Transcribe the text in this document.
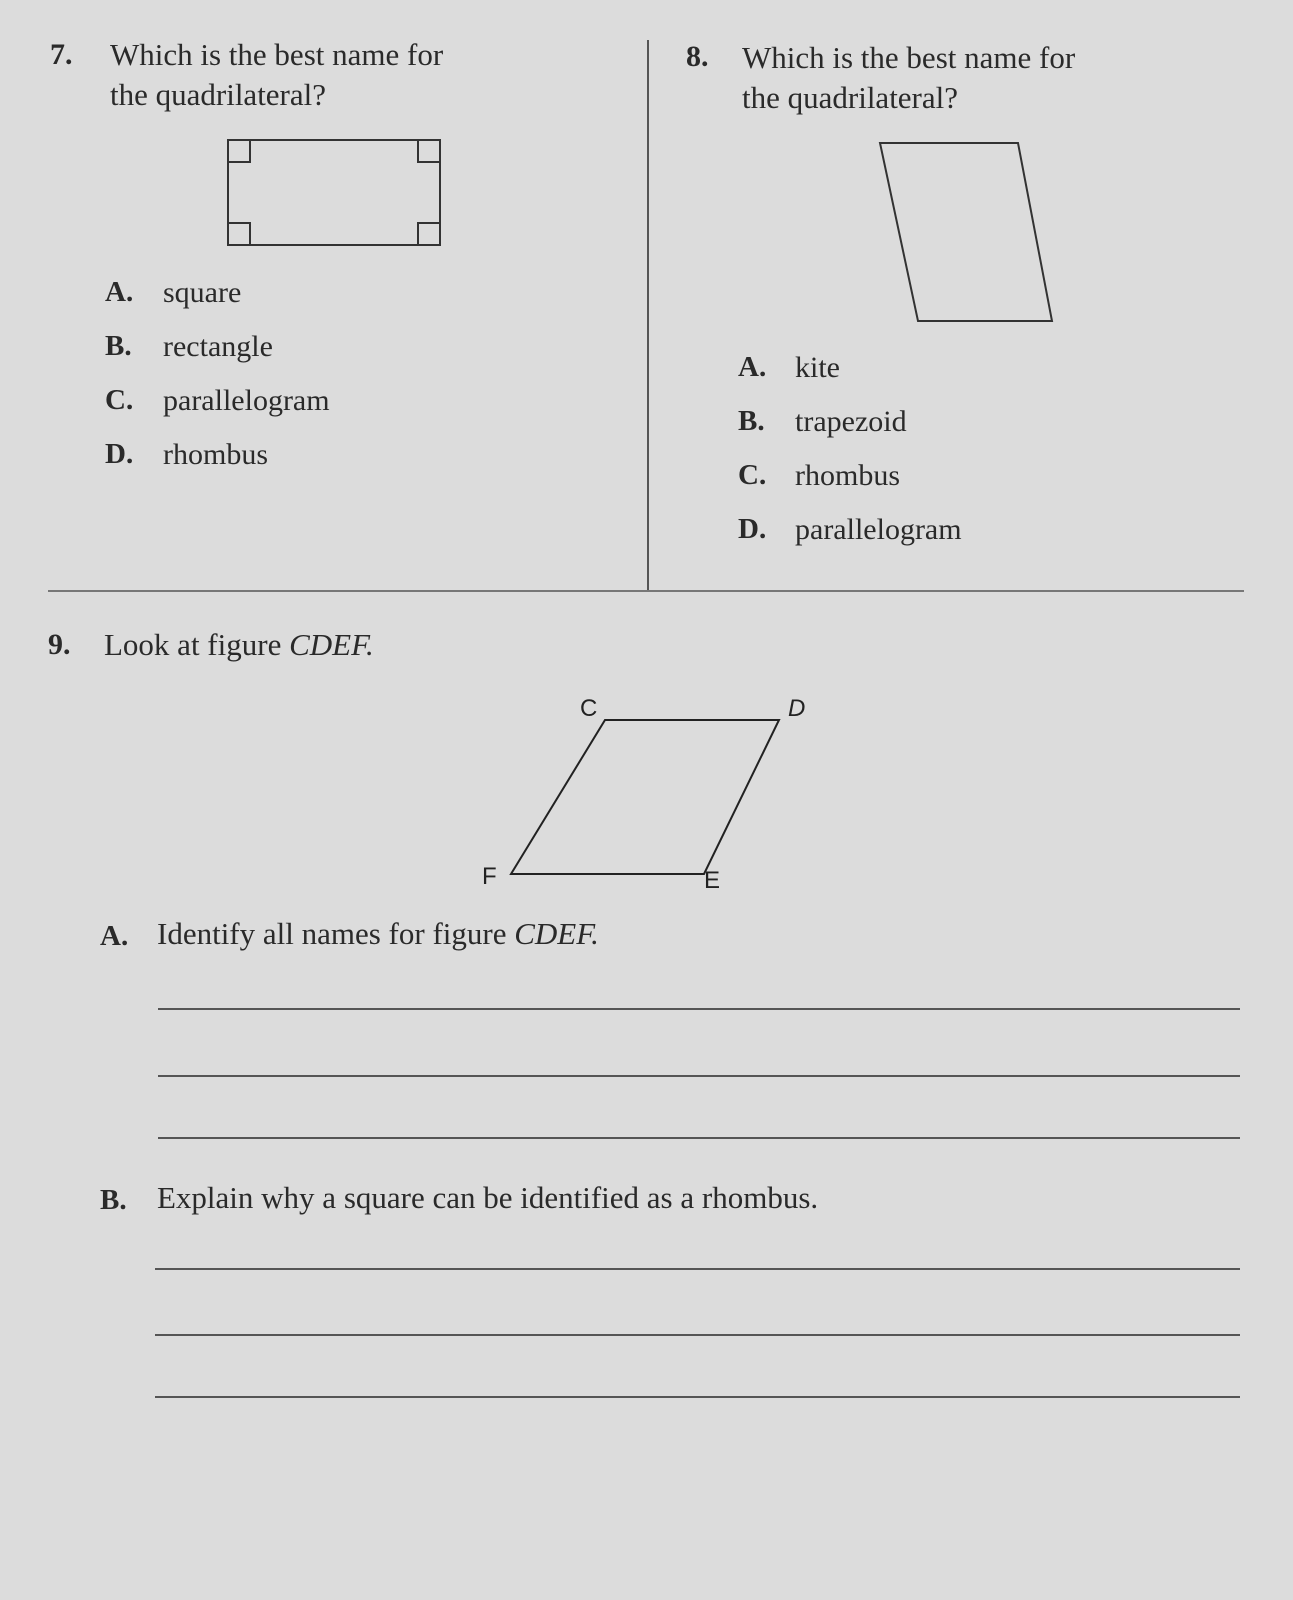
7. Which is the best name for
the quadrilateral?
C	D
E
F
A. square
B. rectangle
C. parallelogram
D. rhombus
8. Which is the best name for
the quadrilateral?
A. kite
B. trapezoid
C. rhombus
D. parallelogram
9. Look at figure CDEF.
A. Identify all names for figure CDEF.
B. Explain why a square can be identified as a rhombus.
